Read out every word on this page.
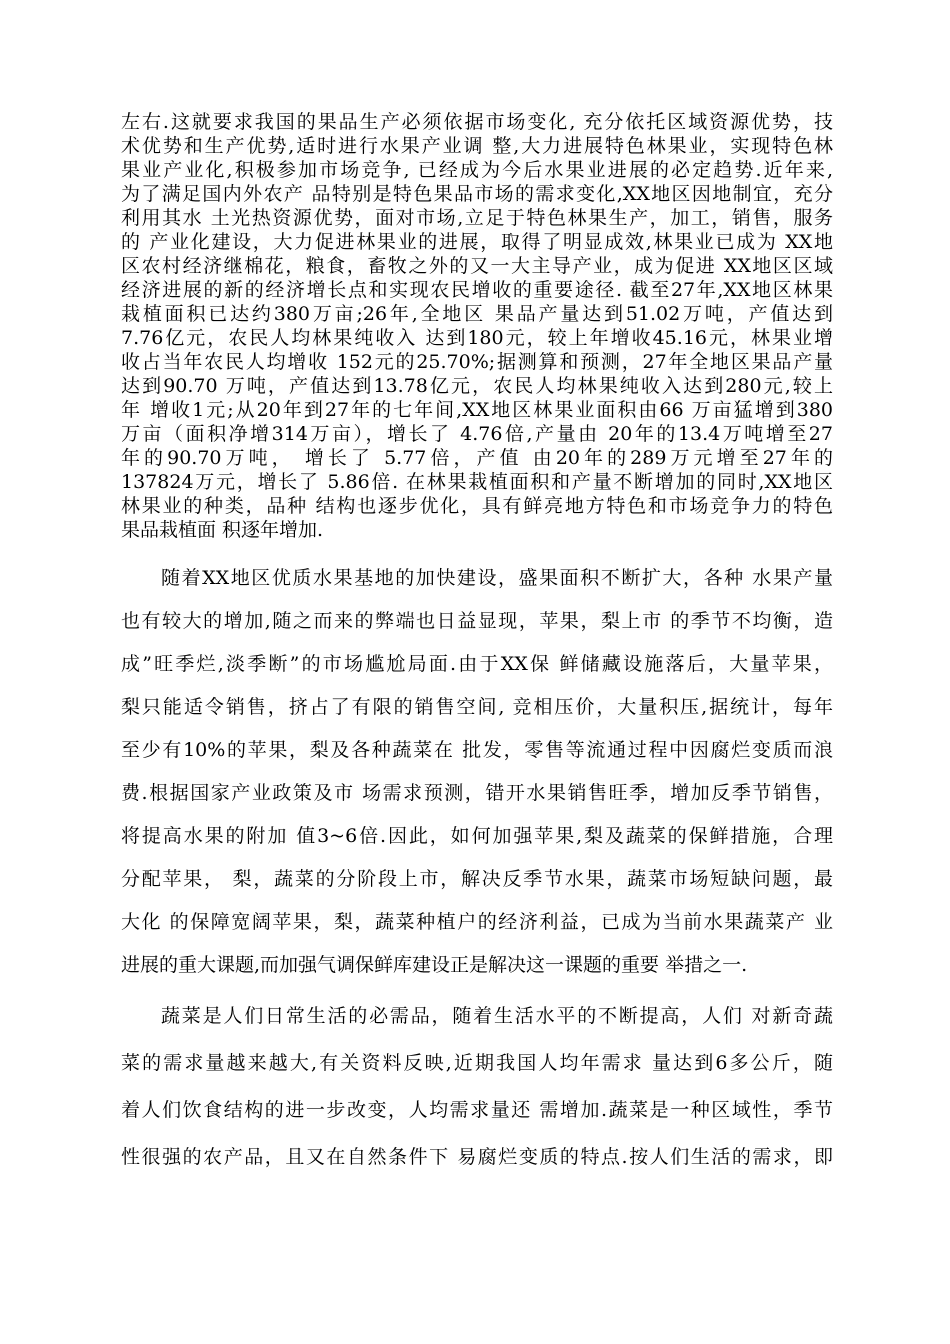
左右.这就要求我国的果品生产必须依据市场变化, 充分依托区域资源优势，技
术优势和生产优势,适时进行水果产业调 整,大力进展特色林果业，实现特色林
果业产业化,积极参加市场竞争, 已经成为今后水果业进展的必定趋势.近年来,
为了满足国内外农产 品特别是特色果品市场的需求变化,XX地区因地制宜，充分
利用其水 土光热资源优势，面对市场,立足于特色林果生产，加工，销售，服务
的 产业化建设，大力促进林果业的进展，取得了明显成效,林果业已成为 XX地
区农村经济继棉花，粮食，畜牧之外的又一大主导产业，成为促进 XX地区区域
经济进展的新的经济增长点和实现农民增收的重要途径. 截至27年,XX地区林果
栽植面积已达约380万亩;26年,全地区 果品产量达到51.02万吨，产值达到
7.76亿元，农民人均林果纯收入 达到180元，较上年增收45.16元，林果业增
收占当年农民人均增收 152元的25.70%;据测算和预测，27年全地区果品产量
达到90.70 万吨，产值达到13.78亿元，农民人均林果纯收入达到280元,较上
年 增收1元;从20年到27年的七年间,XX地区林果业面积由66 万亩猛增到380
万亩（面积净增314万亩），增长了 4.76倍,产量由 20年的13.4万吨增至27
年的90.70万吨， 增长了 5.77倍，产值 由20年的289万元增至27年的
137824万元，增长了 5.86倍. 在林果栽植面积和产量不断增加的同时,XX地区
林果业的种类，品种 结构也逐步优化，具有鲜亮地方特色和市场竞争力的特色
果品栽植面 积逐年增加.
随着XX地区优质水果基地的加快建设，盛果面积不断扩大，各种 水果产量
也有较大的增加,随之而来的弊端也日益显现，苹果，梨上市 的季节不均衡，造
成”旺季烂,淡季断”的市场尴尬局面.由于XX保 鲜储藏设施落后，大量苹果，
梨只能适令销售，挤占了有限的销售空间, 竞相压价，大量积压,据统计，每年
至少有10%的苹果，梨及各种蔬菜在 批发，零售等流通过程中因腐烂变质而浪
费.根据国家产业政策及市 场需求预测，错开水果销售旺季，增加反季节销售，
将提高水果的附加 值3~6倍.因此，如何加强苹果,梨及蔬菜的保鲜措施，合理
分配苹果， 梨，蔬菜的分阶段上市，解决反季节水果，蔬菜市场短缺问题，最
大化 的保障宽阔苹果，梨，蔬菜种植户的经济利益，已成为当前水果蔬菜产 业
进展的重大课题,而加强气调保鲜库建设正是解决这一课题的重要 举措之一.
蔬菜是人们日常生活的必需品，随着生活水平的不断提高，人们 对新奇蔬
菜的需求量越来越大,有关资料反映,近期我国人均年需求 量达到6多公斤，随
着人们饮食结构的进一步改变，人均需求量还 需增加.蔬菜是一种区域性，季节
性很强的农产品，且又在自然条件下 易腐烂变质的特点.按人们生活的需求，即
